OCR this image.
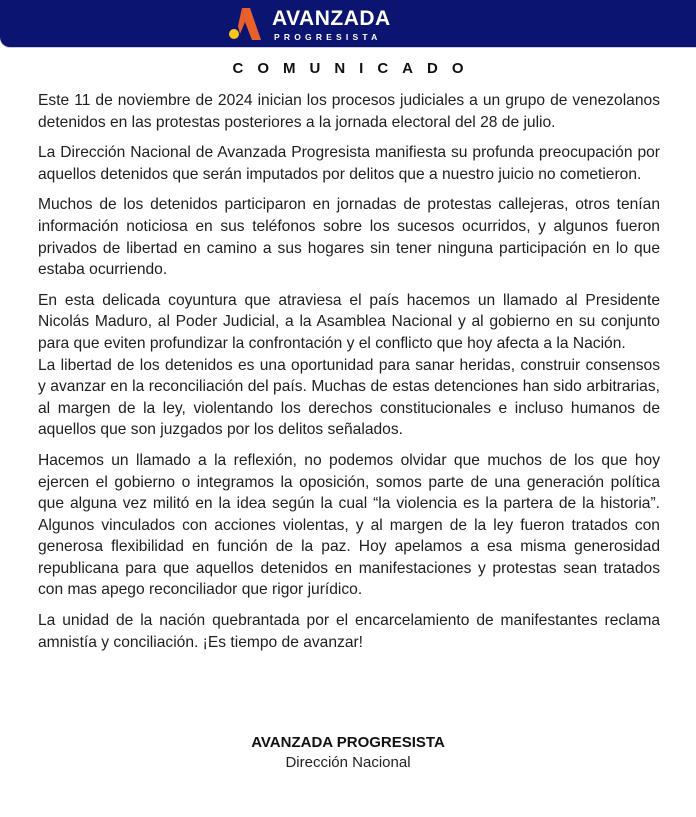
AVANZADA
PROGRESISTA
COMUNICADO

Este 11 de noviembre de 2024 inician los procesos judiciales a un grupo de venezolanos detenidos en las protestas posteriores a la jornada electoral del 28 de julio.

La Dirección Nacional de Avanzada Progresista manifiesta su profunda preocupación por aquellos detenidos que serán imputados por delitos que a nuestro juicio no cometieron.

Muchos de los detenidos participaron en jornadas de protestas callejeras, otros tenían información noticiosa en sus teléfonos sobre los sucesos ocurridos, y algunos fueron privados de libertad en camino a sus hogares sin tener ninguna participación en lo que estaba ocurriendo.

En esta delicada coyuntura que atraviesa el país hacemos un llamado al Presidente Nicolás Maduro, al Poder Judicial, a la Asamblea Nacional y al gobierno en su conjunto para que eviten profundizar la confrontación y el conflicto que hoy afecta a la Nación.

La libertad de los detenidos es una oportunidad para sanar heridas, construir consensos y avanzar en la reconciliación del país. Muchas de estas detenciones han sido arbitrarias, al margen de la ley, violentando los derechos constitucionales e incluso humanos de aquellos que son juzgados por los delitos señalados.

Hacemos un llamado a la reflexión, no podemos olvidar que muchos de los que hoy ejercen el gobierno o integramos la oposición, somos parte de una generación política que alguna vez militó en la idea según la cual “la violencia es la partera de la historia”. Algunos vinculados con acciones violentas, y al margen de la ley fueron tratados con generosa flexibilidad en función de la paz. Hoy apelamos a esa misma generosidad republicana para que aquellos detenidos en manifestaciones y protestas sean tratados con mas apego reconciliador que rigor jurídico.

La unidad de la nación quebrantada por el encarcelamiento de manifestantes reclama amnistía y conciliación. ¡Es tiempo de avanzar!

AVANZADA PROGRESISTA
Dirección Nacional
